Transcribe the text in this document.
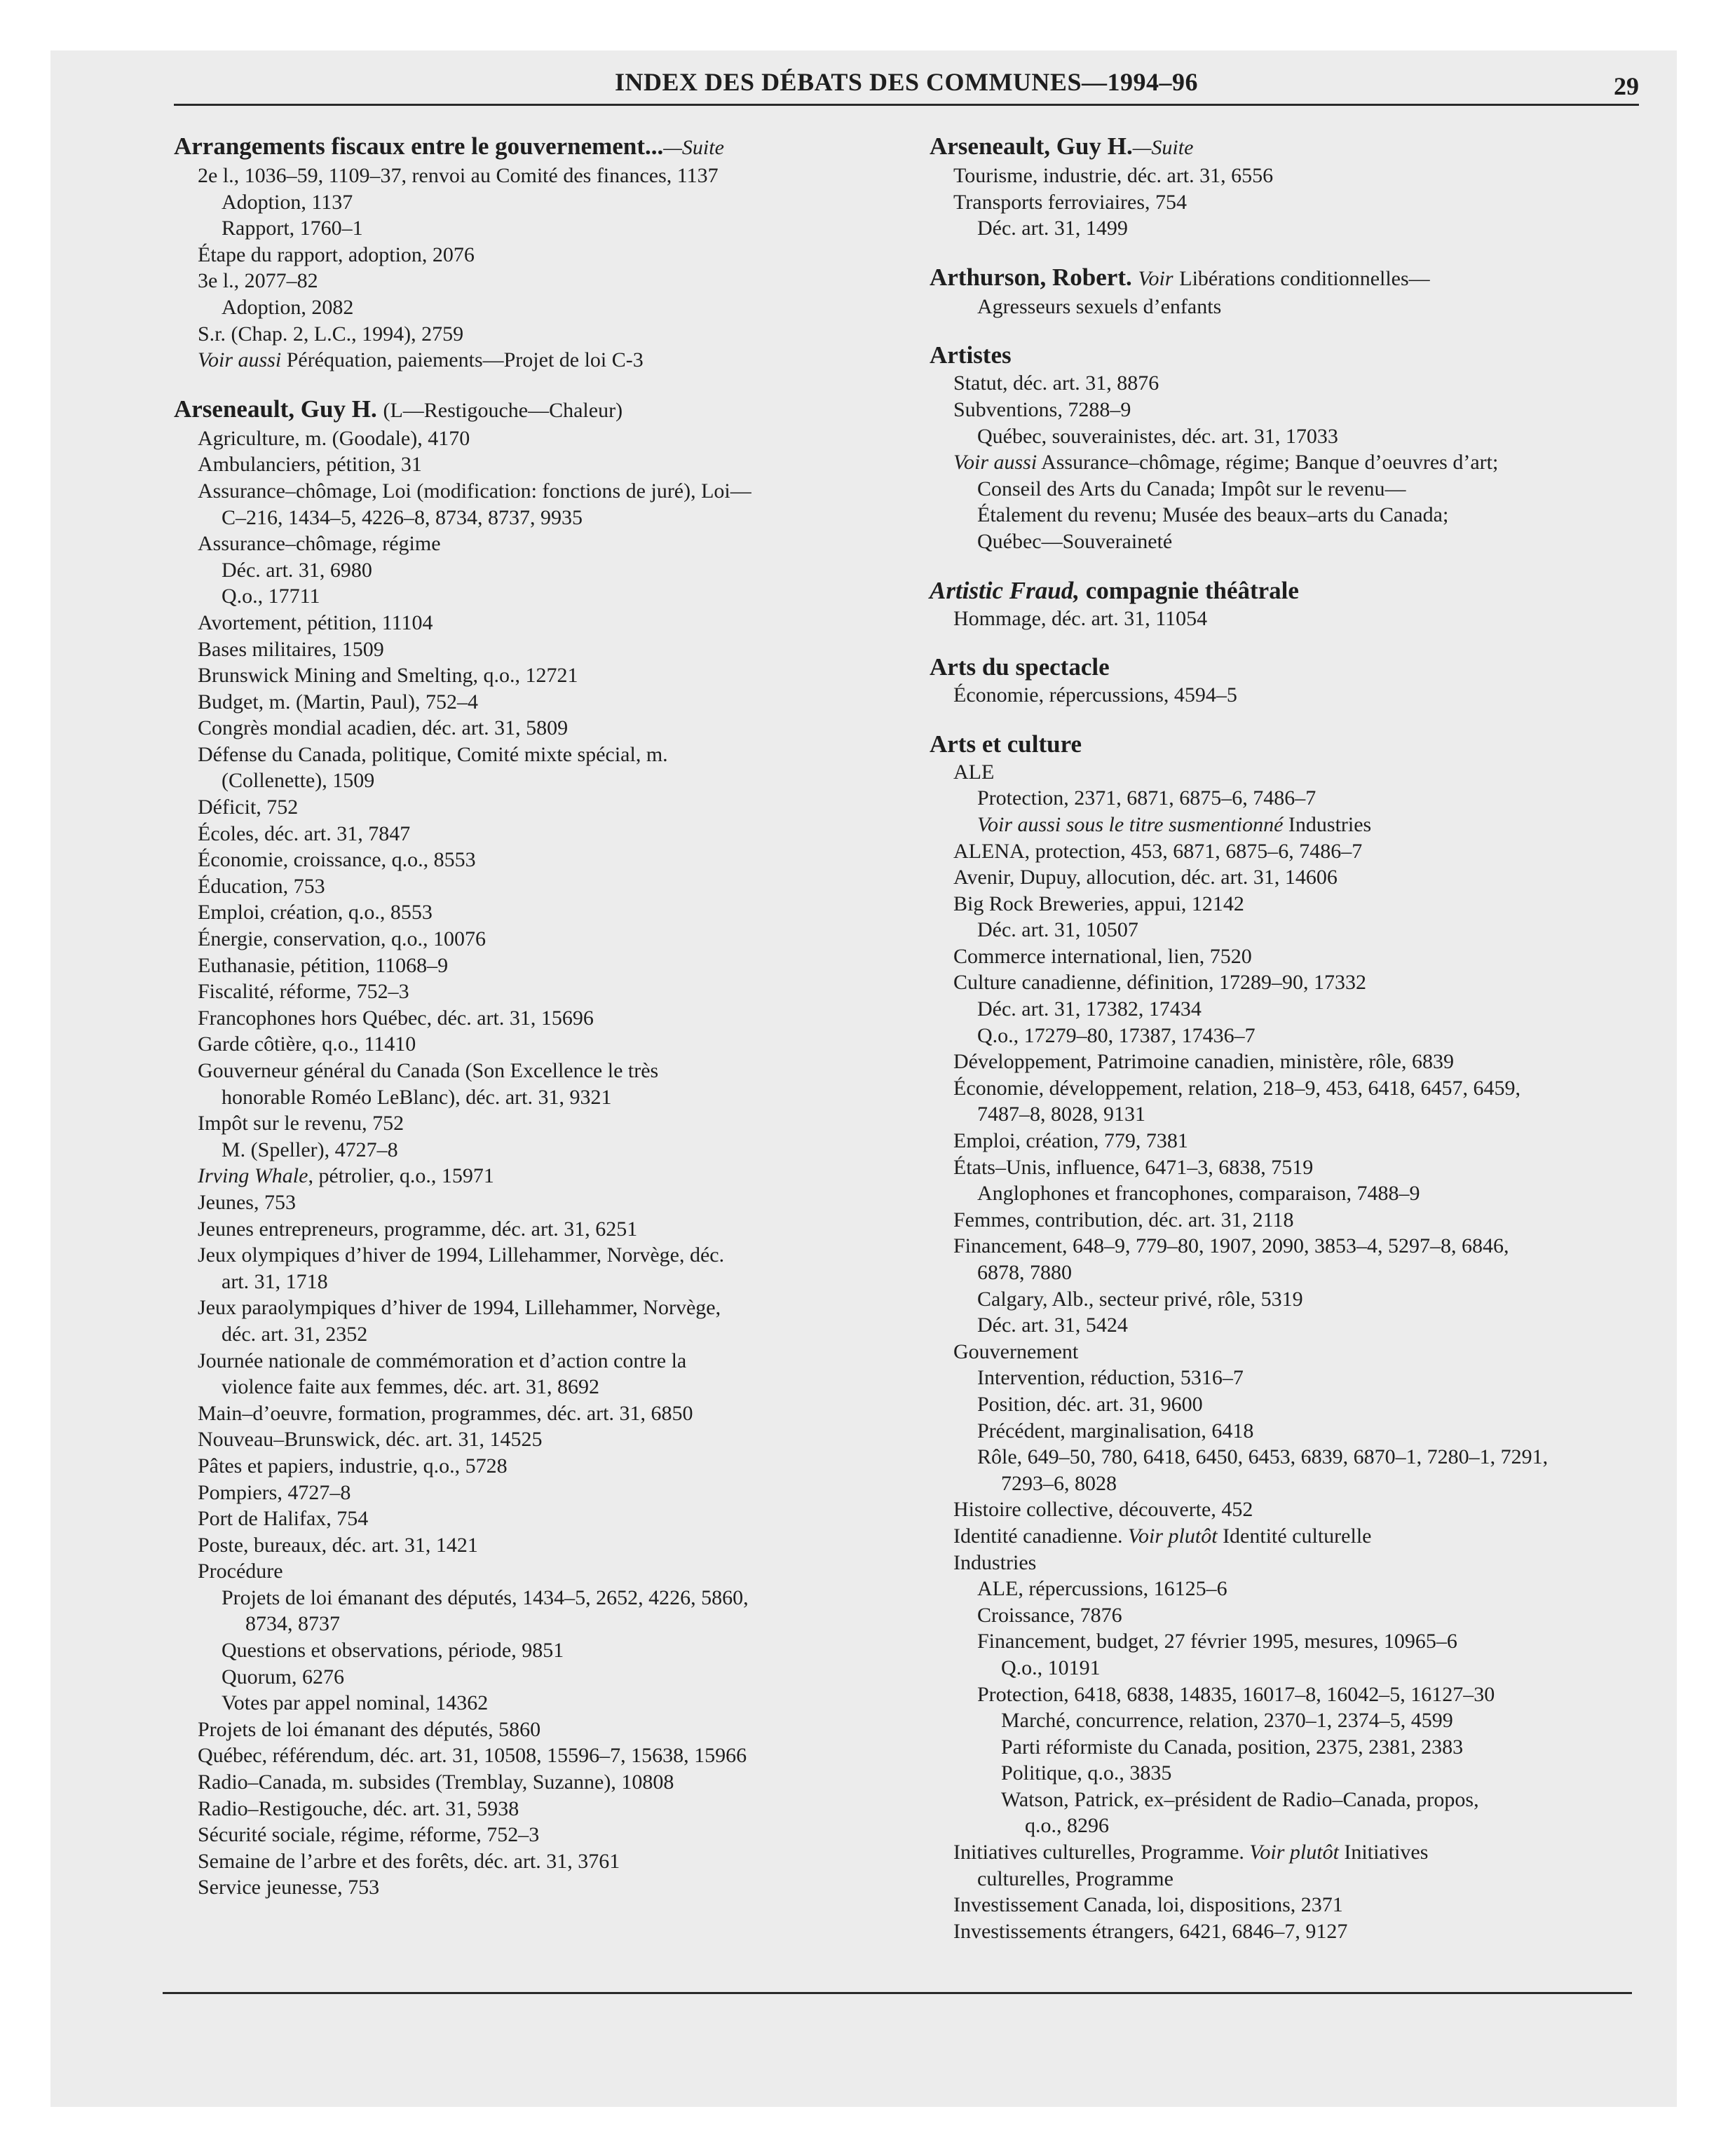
INDEX DES DÉBATS DES COMMUNES—1994–96	29
Arrangements fiscaux entre le gouvernement...—Suite
2e l., 1036–59, 1109–37, renvoi au Comité des finances, 1137
Adoption, 1137
Rapport, 1760–1
Étape du rapport, adoption, 2076
3e l., 2077–82
Adoption, 2082
S.r. (Chap. 2, L.C., 1994), 2759
Voir aussi Péréquation, paiements—Projet de loi C-3
Arseneault, Guy H. (L—Restigouche—Chaleur)
Agriculture, m. (Goodale), 4170
Ambulanciers, pétition, 31
Assurance–chômage, Loi (modification: fonctions de juré), Loi—
C–216, 1434–5, 4226–8, 8734, 8737, 9935
Assurance–chômage, régime
Déc. art. 31, 6980
Q.o., 17711
Avortement, pétition, 11104
Bases militaires, 1509
Brunswick Mining and Smelting, q.o., 12721
Budget, m. (Martin, Paul), 752–4
Congrès mondial acadien, déc. art. 31, 5809
Défense du Canada, politique, Comité mixte spécial, m.
(Collenette), 1509
Déficit, 752
Écoles, déc. art. 31, 7847
Économie, croissance, q.o., 8553
Éducation, 753
Emploi, création, q.o., 8553
Énergie, conservation, q.o., 10076
Euthanasie, pétition, 11068–9
Fiscalité, réforme, 752–3
Francophones hors Québec, déc. art. 31, 15696
Garde côtière, q.o., 11410
Gouverneur général du Canada (Son Excellence le très
honorable Roméo LeBlanc), déc. art. 31, 9321
Impôt sur le revenu, 752
M. (Speller), 4727–8
Irving Whale, pétrolier, q.o., 15971
Jeunes, 753
Jeunes entrepreneurs, programme, déc. art. 31, 6251
Jeux olympiques d’hiver de 1994, Lillehammer, Norvège, déc.
art. 31, 1718
Jeux paraolympiques d’hiver de 1994, Lillehammer, Norvège,
déc. art. 31, 2352
Journée nationale de commémoration et d’action contre la
violence faite aux femmes, déc. art. 31, 8692
Main–d’oeuvre, formation, programmes, déc. art. 31, 6850
Nouveau–Brunswick, déc. art. 31, 14525
Pâtes et papiers, industrie, q.o., 5728
Pompiers, 4727–8
Port de Halifax, 754
Poste, bureaux, déc. art. 31, 1421
Procédure
Projets de loi émanant des députés, 1434–5, 2652, 4226, 5860,
8734, 8737
Questions et observations, période, 9851
Quorum, 6276
Votes par appel nominal, 14362
Projets de loi émanant des députés, 5860
Québec, référendum, déc. art. 31, 10508, 15596–7, 15638, 15966
Radio–Canada, m. subsides (Tremblay, Suzanne), 10808
Radio–Restigouche, déc. art. 31, 5938
Sécurité sociale, régime, réforme, 752–3
Semaine de l’arbre et des forêts, déc. art. 31, 3761
Service jeunesse, 753
Arseneault, Guy H.—Suite
Tourisme, industrie, déc. art. 31, 6556
Transports ferroviaires, 754
Déc. art. 31, 1499
Arthurson, Robert. Voir Libérations conditionnelles—
Agresseurs sexuels d’enfants
Artistes
Statut, déc. art. 31, 8876
Subventions, 7288–9
Québec, souverainistes, déc. art. 31, 17033
Voir aussi Assurance–chômage, régime; Banque d’oeuvres d’art;
Conseil des Arts du Canada; Impôt sur le revenu—
Étalement du revenu; Musée des beaux–arts du Canada;
Québec—Souveraineté
Artistic Fraud, compagnie théâtrale
Hommage, déc. art. 31, 11054
Arts du spectacle
Économie, répercussions, 4594–5
Arts et culture
ALE
Protection, 2371, 6871, 6875–6, 7486–7
Voir aussi sous le titre susmentionné Industries
ALENA, protection, 453, 6871, 6875–6, 7486–7
Avenir, Dupuy, allocution, déc. art. 31, 14606
Big Rock Breweries, appui, 12142
Déc. art. 31, 10507
Commerce international, lien, 7520
Culture canadienne, définition, 17289–90, 17332
Déc. art. 31, 17382, 17434
Q.o., 17279–80, 17387, 17436–7
Développement, Patrimoine canadien, ministère, rôle, 6839
Économie, développement, relation, 218–9, 453, 6418, 6457, 6459,
7487–8, 8028, 9131
Emploi, création, 779, 7381
États–Unis, influence, 6471–3, 6838, 7519
Anglophones et francophones, comparaison, 7488–9
Femmes, contribution, déc. art. 31, 2118
Financement, 648–9, 779–80, 1907, 2090, 3853–4, 5297–8, 6846,
6878, 7880
Calgary, Alb., secteur privé, rôle, 5319
Déc. art. 31, 5424
Gouvernement
Intervention, réduction, 5316–7
Position, déc. art. 31, 9600
Précédent, marginalisation, 6418
Rôle, 649–50, 780, 6418, 6450, 6453, 6839, 6870–1, 7280–1, 7291,
7293–6, 8028
Histoire collective, découverte, 452
Identité canadienne. Voir plutôt Identité culturelle
Industries
ALE, répercussions, 16125–6
Croissance, 7876
Financement, budget, 27 février 1995, mesures, 10965–6
Q.o., 10191
Protection, 6418, 6838, 14835, 16017–8, 16042–5, 16127–30
Marché, concurrence, relation, 2370–1, 2374–5, 4599
Parti réformiste du Canada, position, 2375, 2381, 2383
Politique, q.o., 3835
Watson, Patrick, ex–président de Radio–Canada, propos,
q.o., 8296
Initiatives culturelles, Programme. Voir plutôt Initiatives
culturelles, Programme
Investissement Canada, loi, dispositions, 2371
Investissements étrangers, 6421, 6846–7, 9127
